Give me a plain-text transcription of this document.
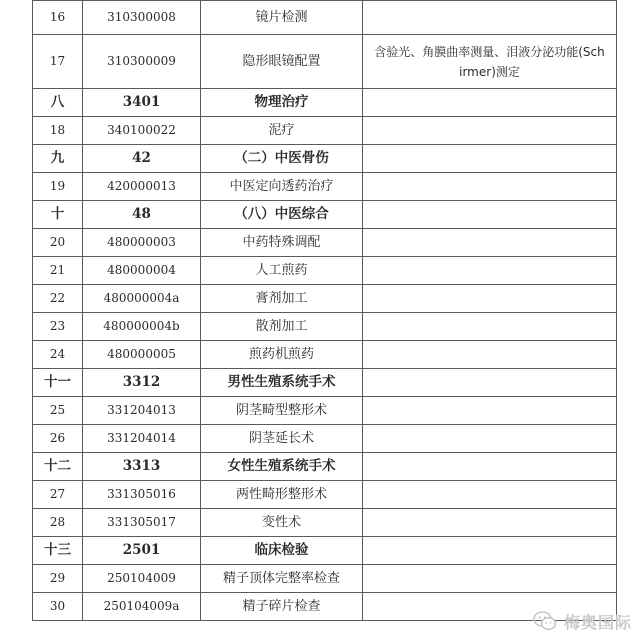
16	310300008	镜片检测	
17	310300009	隐形眼镜配置	含验光、角膜曲率测量、泪液分泌功能(Sch
irmer)测定
八	3401	物理治疗	
18	340100022	泥疗	
九	42	（二）中医骨伤	
19	420000013	中医定向透药治疗	
十	48	（八）中医综合	
20	480000003	中药特殊调配	
21	480000004	人工煎药	
22	480000004a	膏剂加工	
23	480000004b	散剂加工	
24	480000005	煎药机煎药	
十一	3312	男性生殖系统手术	
25	331204013	阴茎畸型整形术	
26	331204014	阴茎延长术	
十二	3313	女性生殖系统手术	
27	331305016	两性畸形整形术	
28	331305017	变性术	
十三	2501	临床检验	
29	250104009	精子顶体完整率检查	
30	250104009a	精子碎片检查	
梅奥国际
